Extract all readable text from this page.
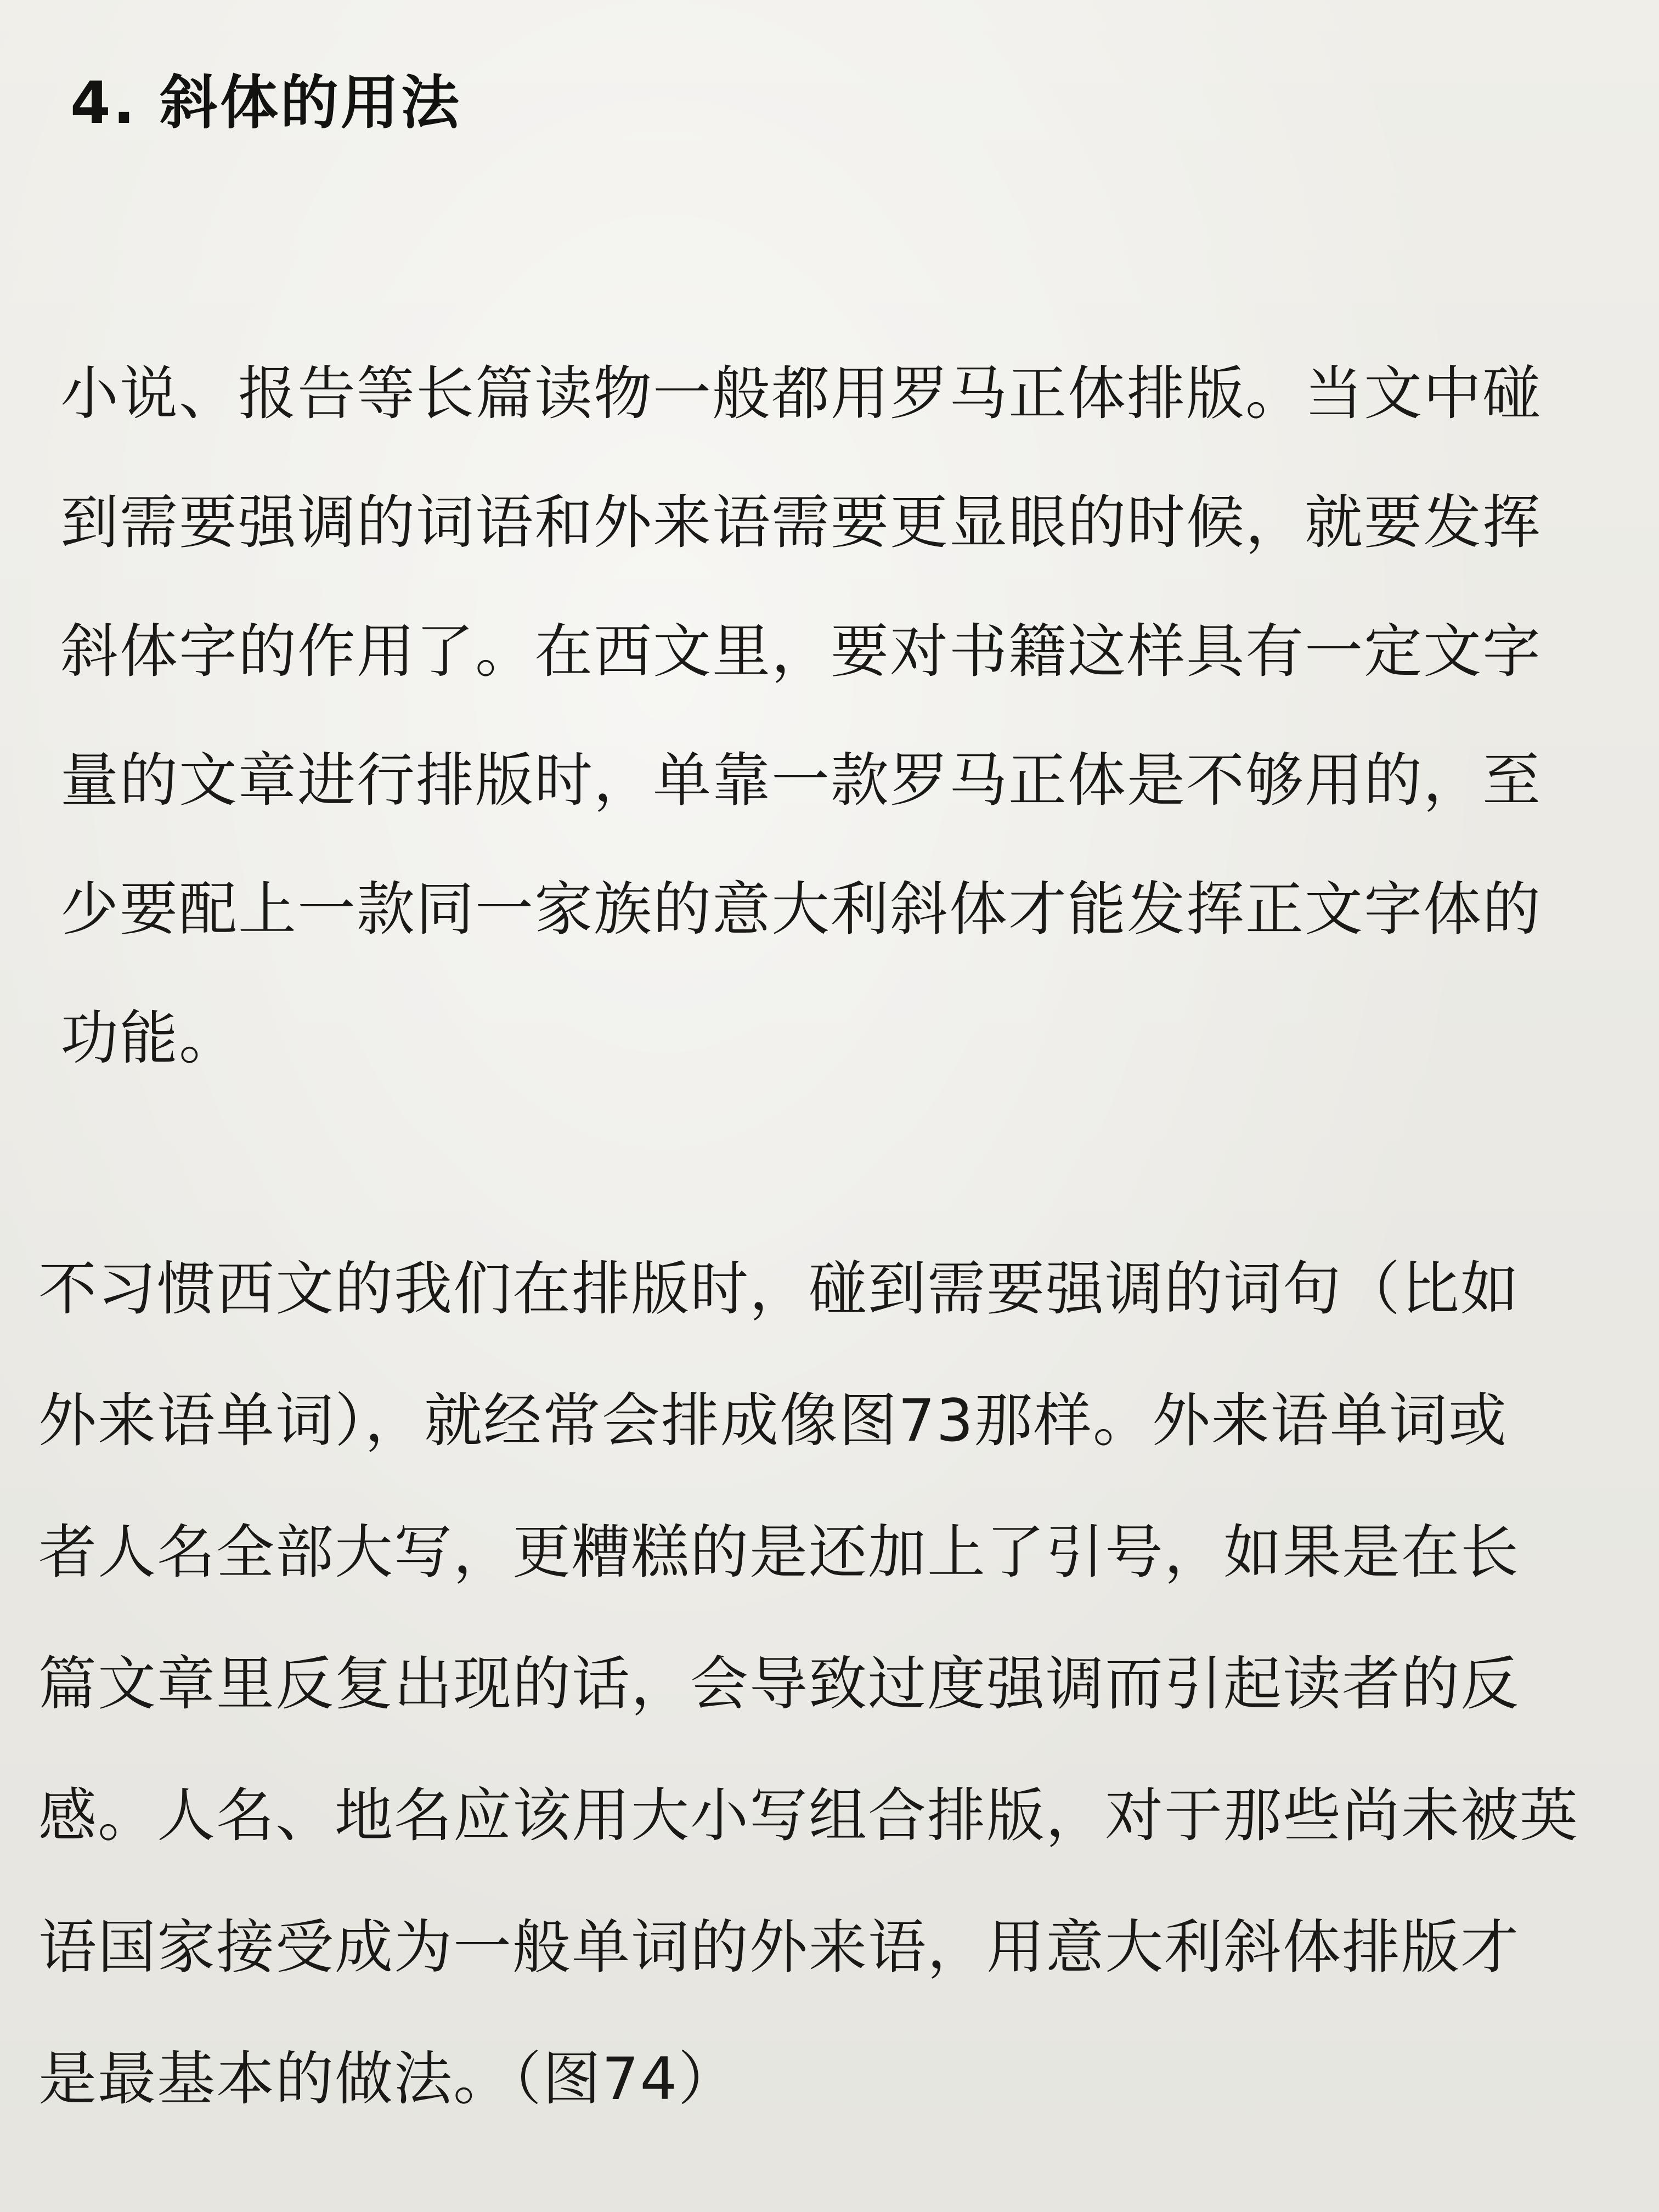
4. 斜体的用法
小说、报告等长篇读物一般都用罗马正体排版。当文中碰
到需要强调的词语和外来语需要更显眼的时候，就要发挥
斜体字的作用了。在西文里，要对书籍这样具有一定文字
量的文章进行排版时，单靠一款罗马正体是不够用的，至
少要配上一款同一家族的意大利斜体才能发挥正文字体的
功能。
不习惯西文的我们在排版时，碰到需要强调的词句（比如
外来语单词），就经常会排成像图73那样。外来语单词或
者人名全部大写，更糟糕的是还加上了引号，如果是在长
篇文章里反复出现的话，会导致过度强调而引起读者的反
感。人名、地名应该用大小写组合排版，对于那些尚未被英
语国家接受成为一般单词的外来语，用意大利斜体排版才
是最基本的做法。（图74）
